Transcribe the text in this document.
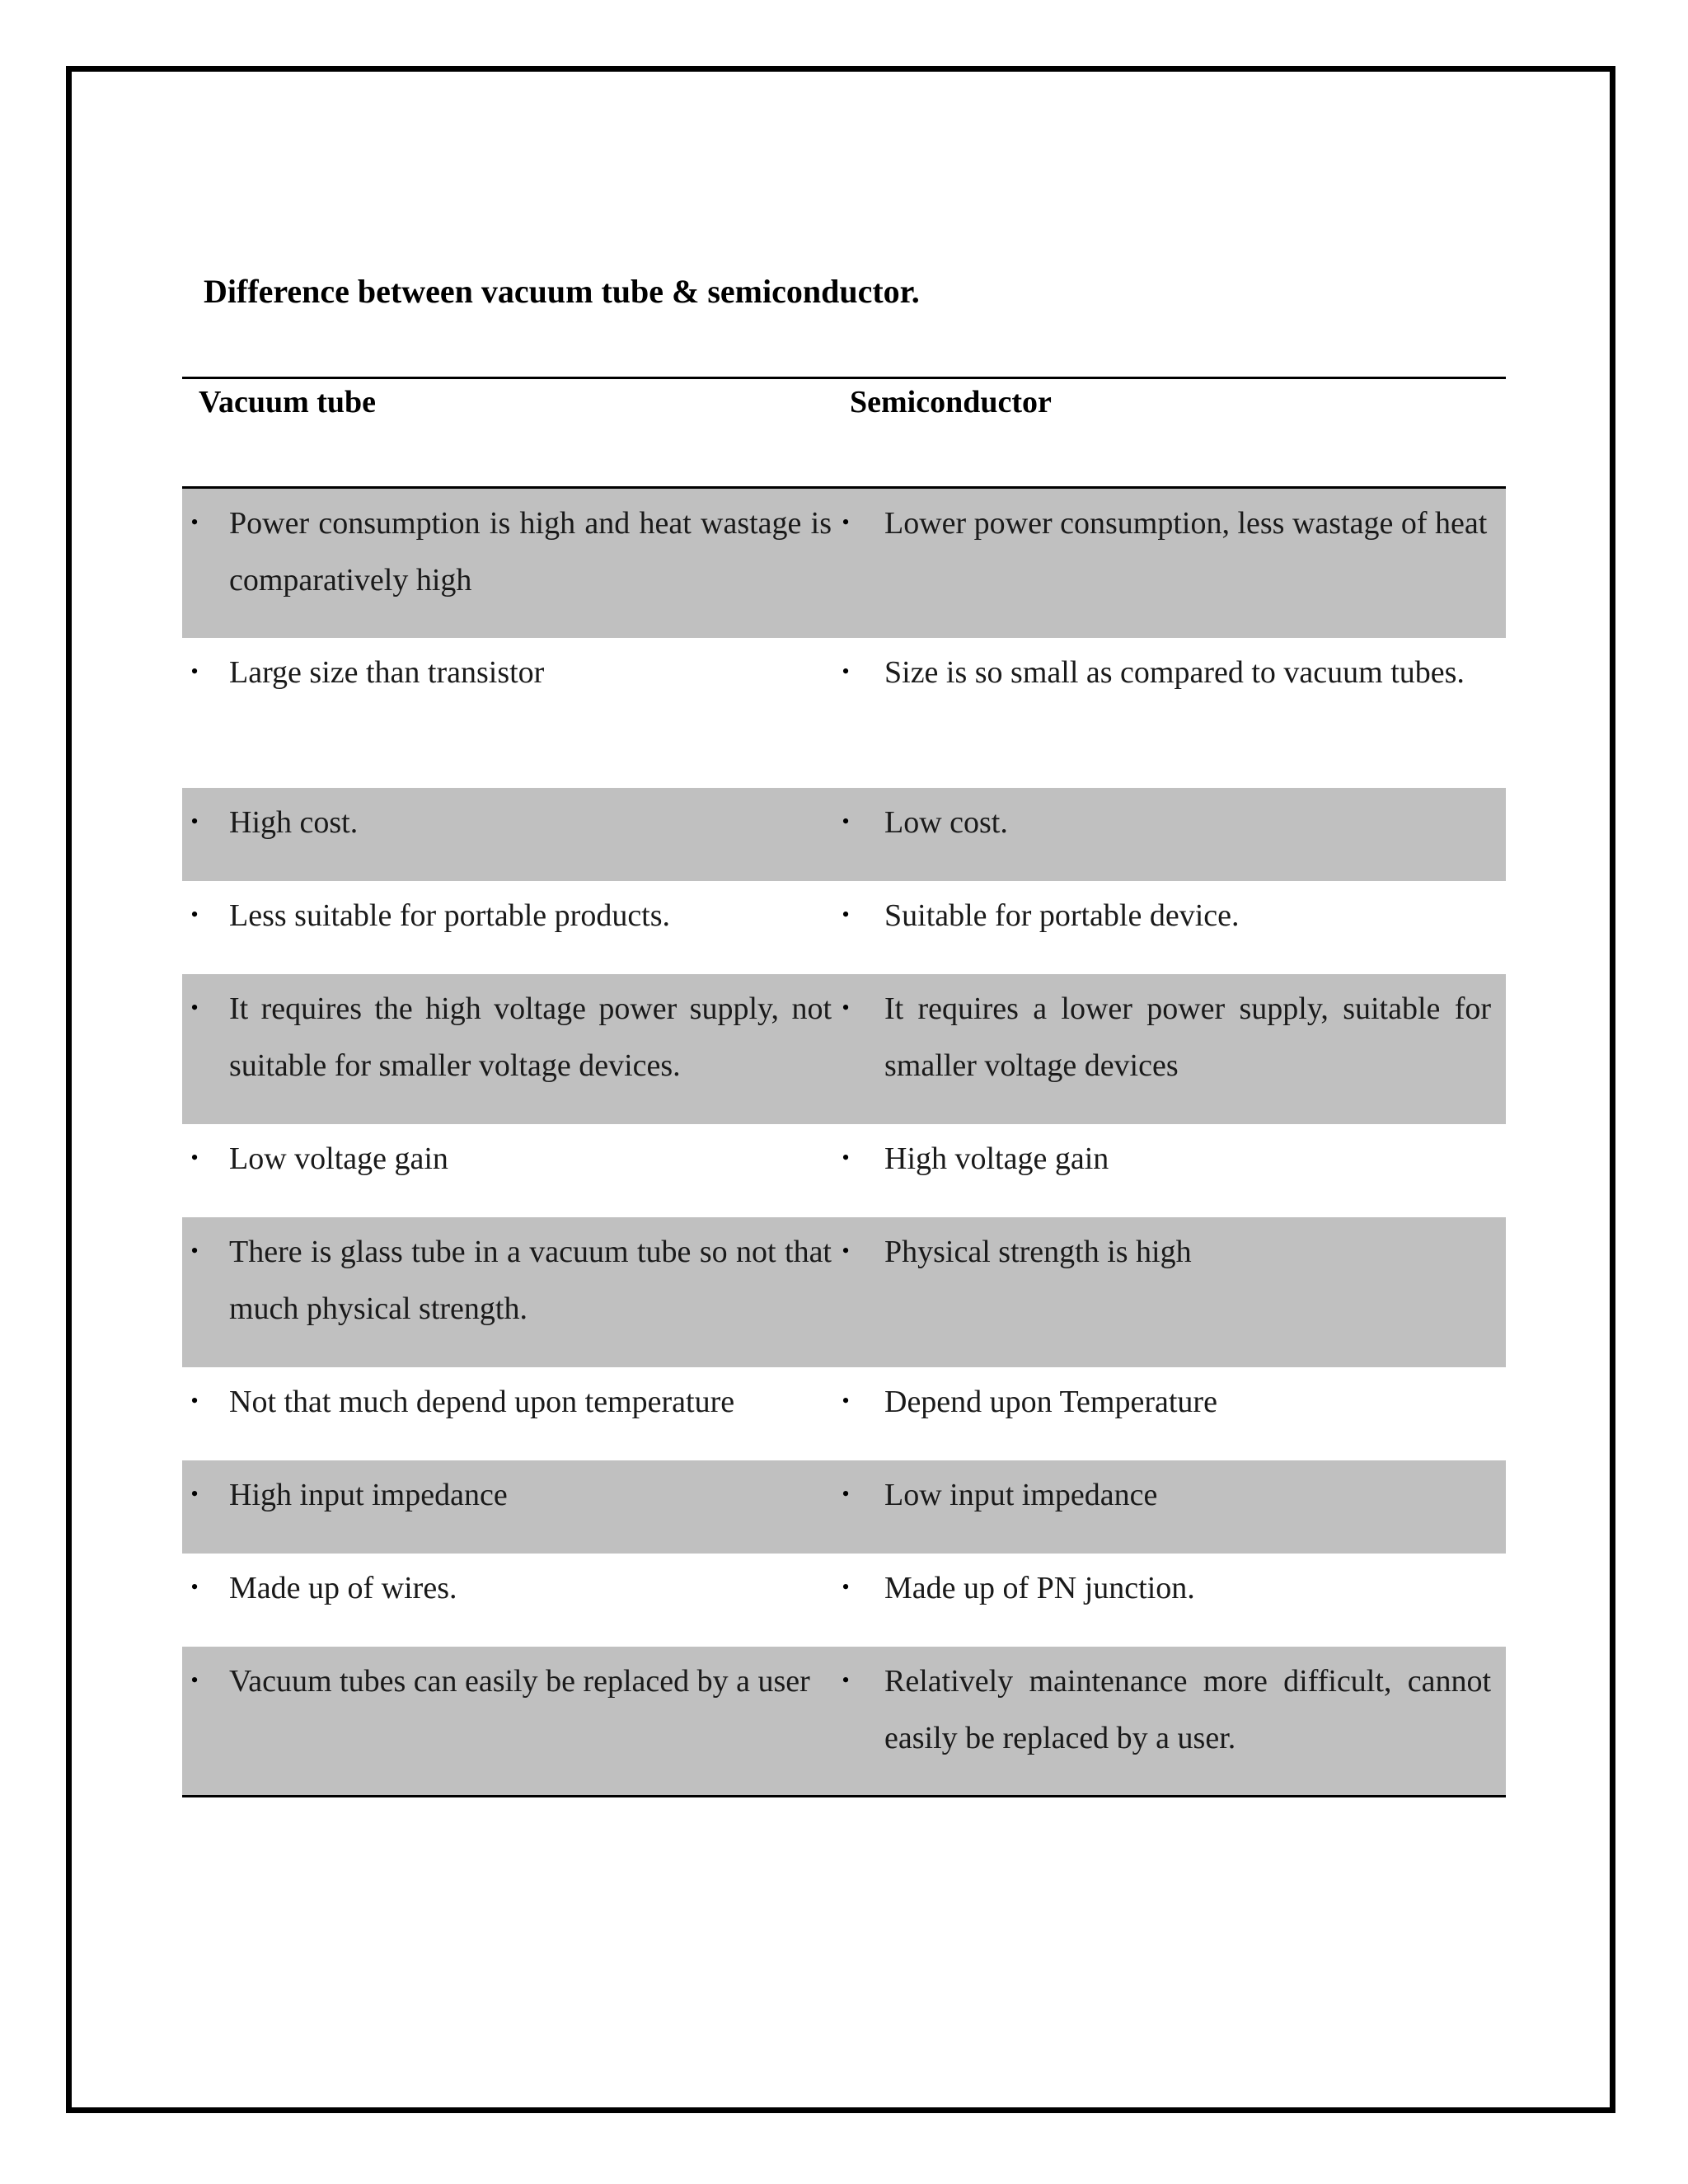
Difference between vacuum tube & semiconductor.
Vacuum tube	Semiconductor

• Power consumption is high and heat wastage is comparatively high	• Lower power consumption, less wastage of heat

• Large size than transistor	• Size is so small as compared to vacuum tubes.

• High cost.	• Low cost.

• Less suitable for portable products.	• Suitable for portable device.

• It requires the high voltage power supply, not suitable for smaller voltage devices.	• It requires a lower power supply, suitable for smaller voltage devices

• Low voltage gain	• High voltage gain

• There is glass tube in a vacuum tube so not that much physical strength.	• Physical strength is high

• Not that much depend upon temperature	• Depend upon Temperature

• High input impedance	• Low input impedance

• Made up of wires.	• Made up of PN junction.

• Vacuum tubes can easily be replaced by a user	• Relatively maintenance more difficult, cannot easily be replaced by a user.
